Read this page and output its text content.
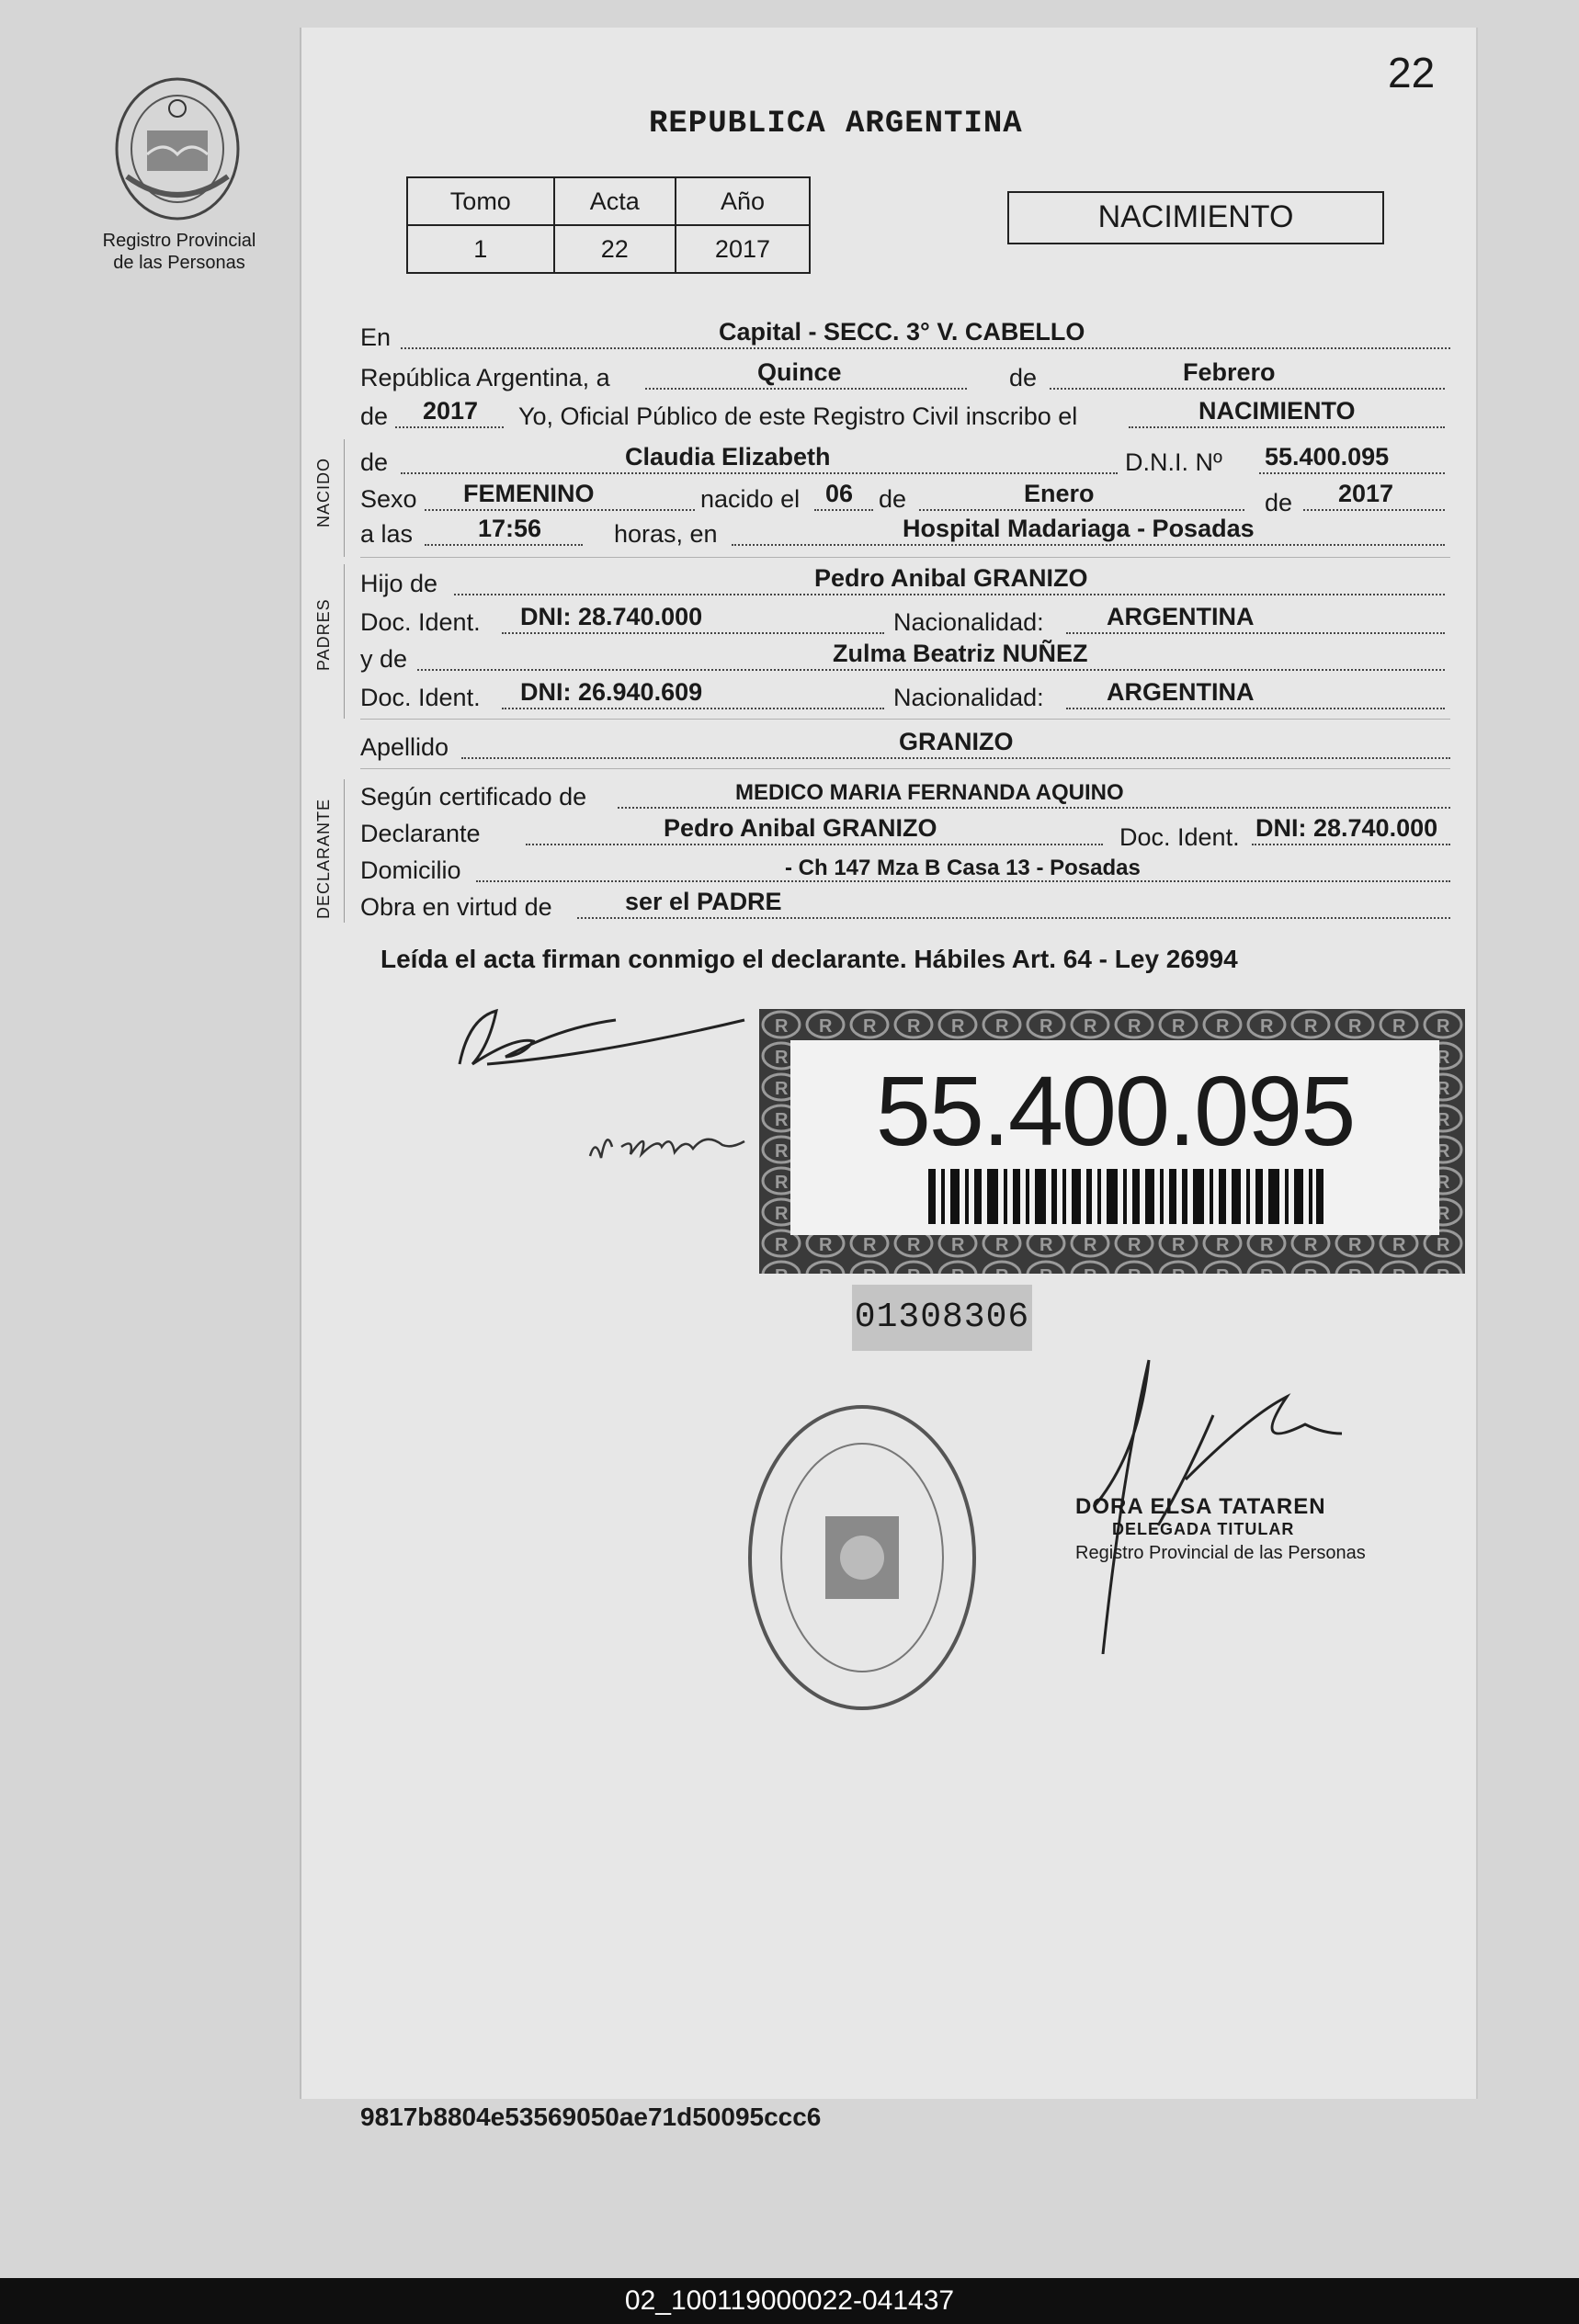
22
Registro Provincial
de las Personas
REPUBLICA ARGENTINA
Tomo	Acta	Año
1	22	2017
NACIMIENTO
En	Capital - SECC. 3° V. CABELLO
República Argentina, a	Quince	de	Febrero
de 2017 Yo, Oficial Público de este Registro Civil inscribo el	NACIMIENTO
NACIDO de	Claudia Elizabeth	D.N.I. Nº 55.400.095
Sexo FEMENINO	nacido el 06 de	Enero	de 2017
a las	17:56	horas, en	Hospital Madariaga - Posadas
PADRES
Hijo de	Pedro Anibal GRANIZO
Doc. Ident. DNI: 28.740.000	Nacionalidad:	ARGENTINA
y de	Zulma Beatriz NUÑEZ
Doc. Ident. DNI: 26.940.609	Nacionalidad:	ARGENTINA
Apellido	GRANIZO
DECLARANTE
Según certificado de	MEDICO MARIA FERNANDA AQUINO
Declarante	Pedro Anibal GRANIZO	Doc. Ident. DNI: 28.740.000
Domicilio	- Ch 147 Mza B Casa 13 - Posadas
Obra en virtud de	ser el PADRE
Leída el acta firman conmigo el declarante. Hábiles Art. 64 - Ley 26994
55.400.095
01308306
DORA ELSA TATAREN
DELEGADA TITULAR
Registro Provincial de las Personas
9817b8804e53569050ae71d50095ccc6
02_100119000022-041437
